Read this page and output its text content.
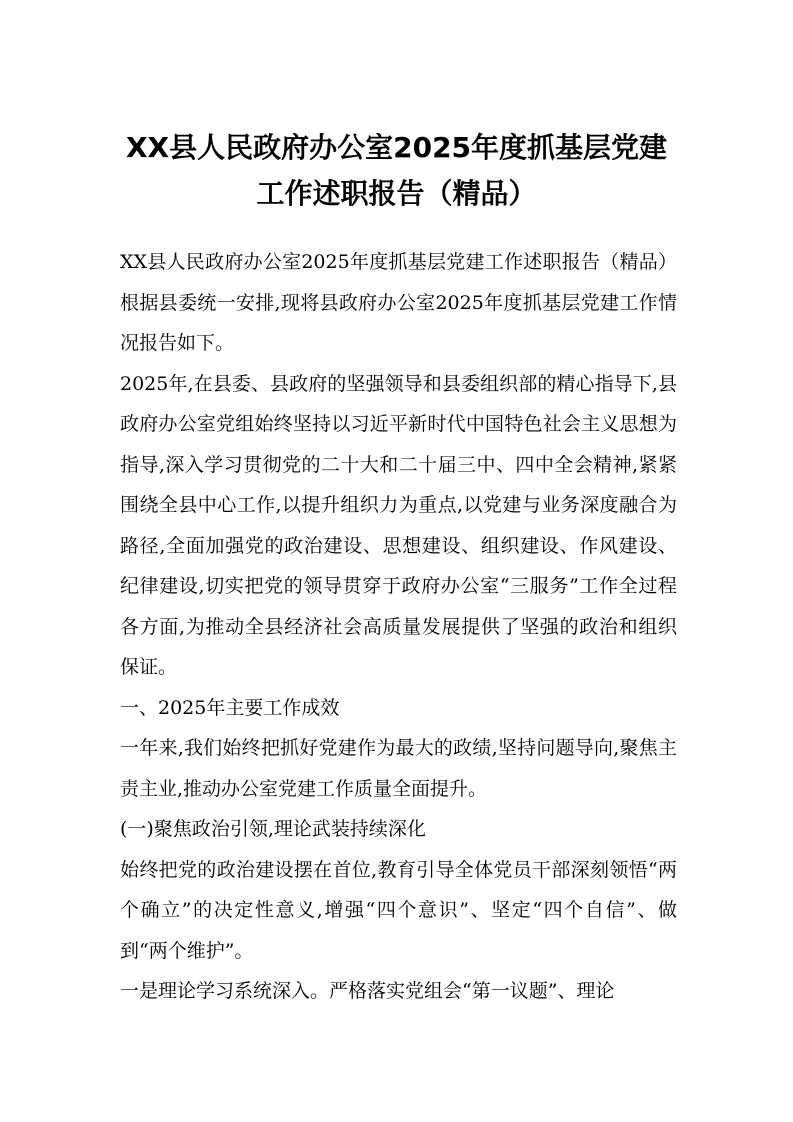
XX县人民政府办公室2025年度抓基层党建
工作述职报告（精品）

XX县人民政府办公室2025年度抓基层党建工作述职报告（精品）根据县委统一安排,现将县政府办公室2025年度抓基层党建工作情况报告如下。

2025年,在县委、县政府的坚强领导和县委组织部的精心指导下,县政府办公室党组始终坚持以习近平新时代中国特色社会主义思想为指导,深入学习贯彻党的二十大和二十届三中、四中全会精神,紧紧围绕全县中心工作,以提升组织力为重点,以党建与业务深度融合为路径,全面加强党的政治建设、思想建设、组织建设、作风建设、纪律建设,切实把党的领导贯穿于政府办公室“三服务”工作全过程各方面,为推动全县经济社会高质量发展提供了坚强的政治和组织保证。

一、2025年主要工作成效

一年来,我们始终把抓好党建作为最大的政绩,坚持问题导向,聚焦主责主业,推动办公室党建工作质量全面提升。

(一)聚焦政治引领,理论武装持续深化

始终把党的政治建设摆在首位,教育引导全体党员干部深刻领悟“两个确立”的决定性意义,增强“四个意识”、坚定“四个自信”、做到“两个维护”。

一是理论学习系统深入。严格落实党组会“第一议题”、理论
